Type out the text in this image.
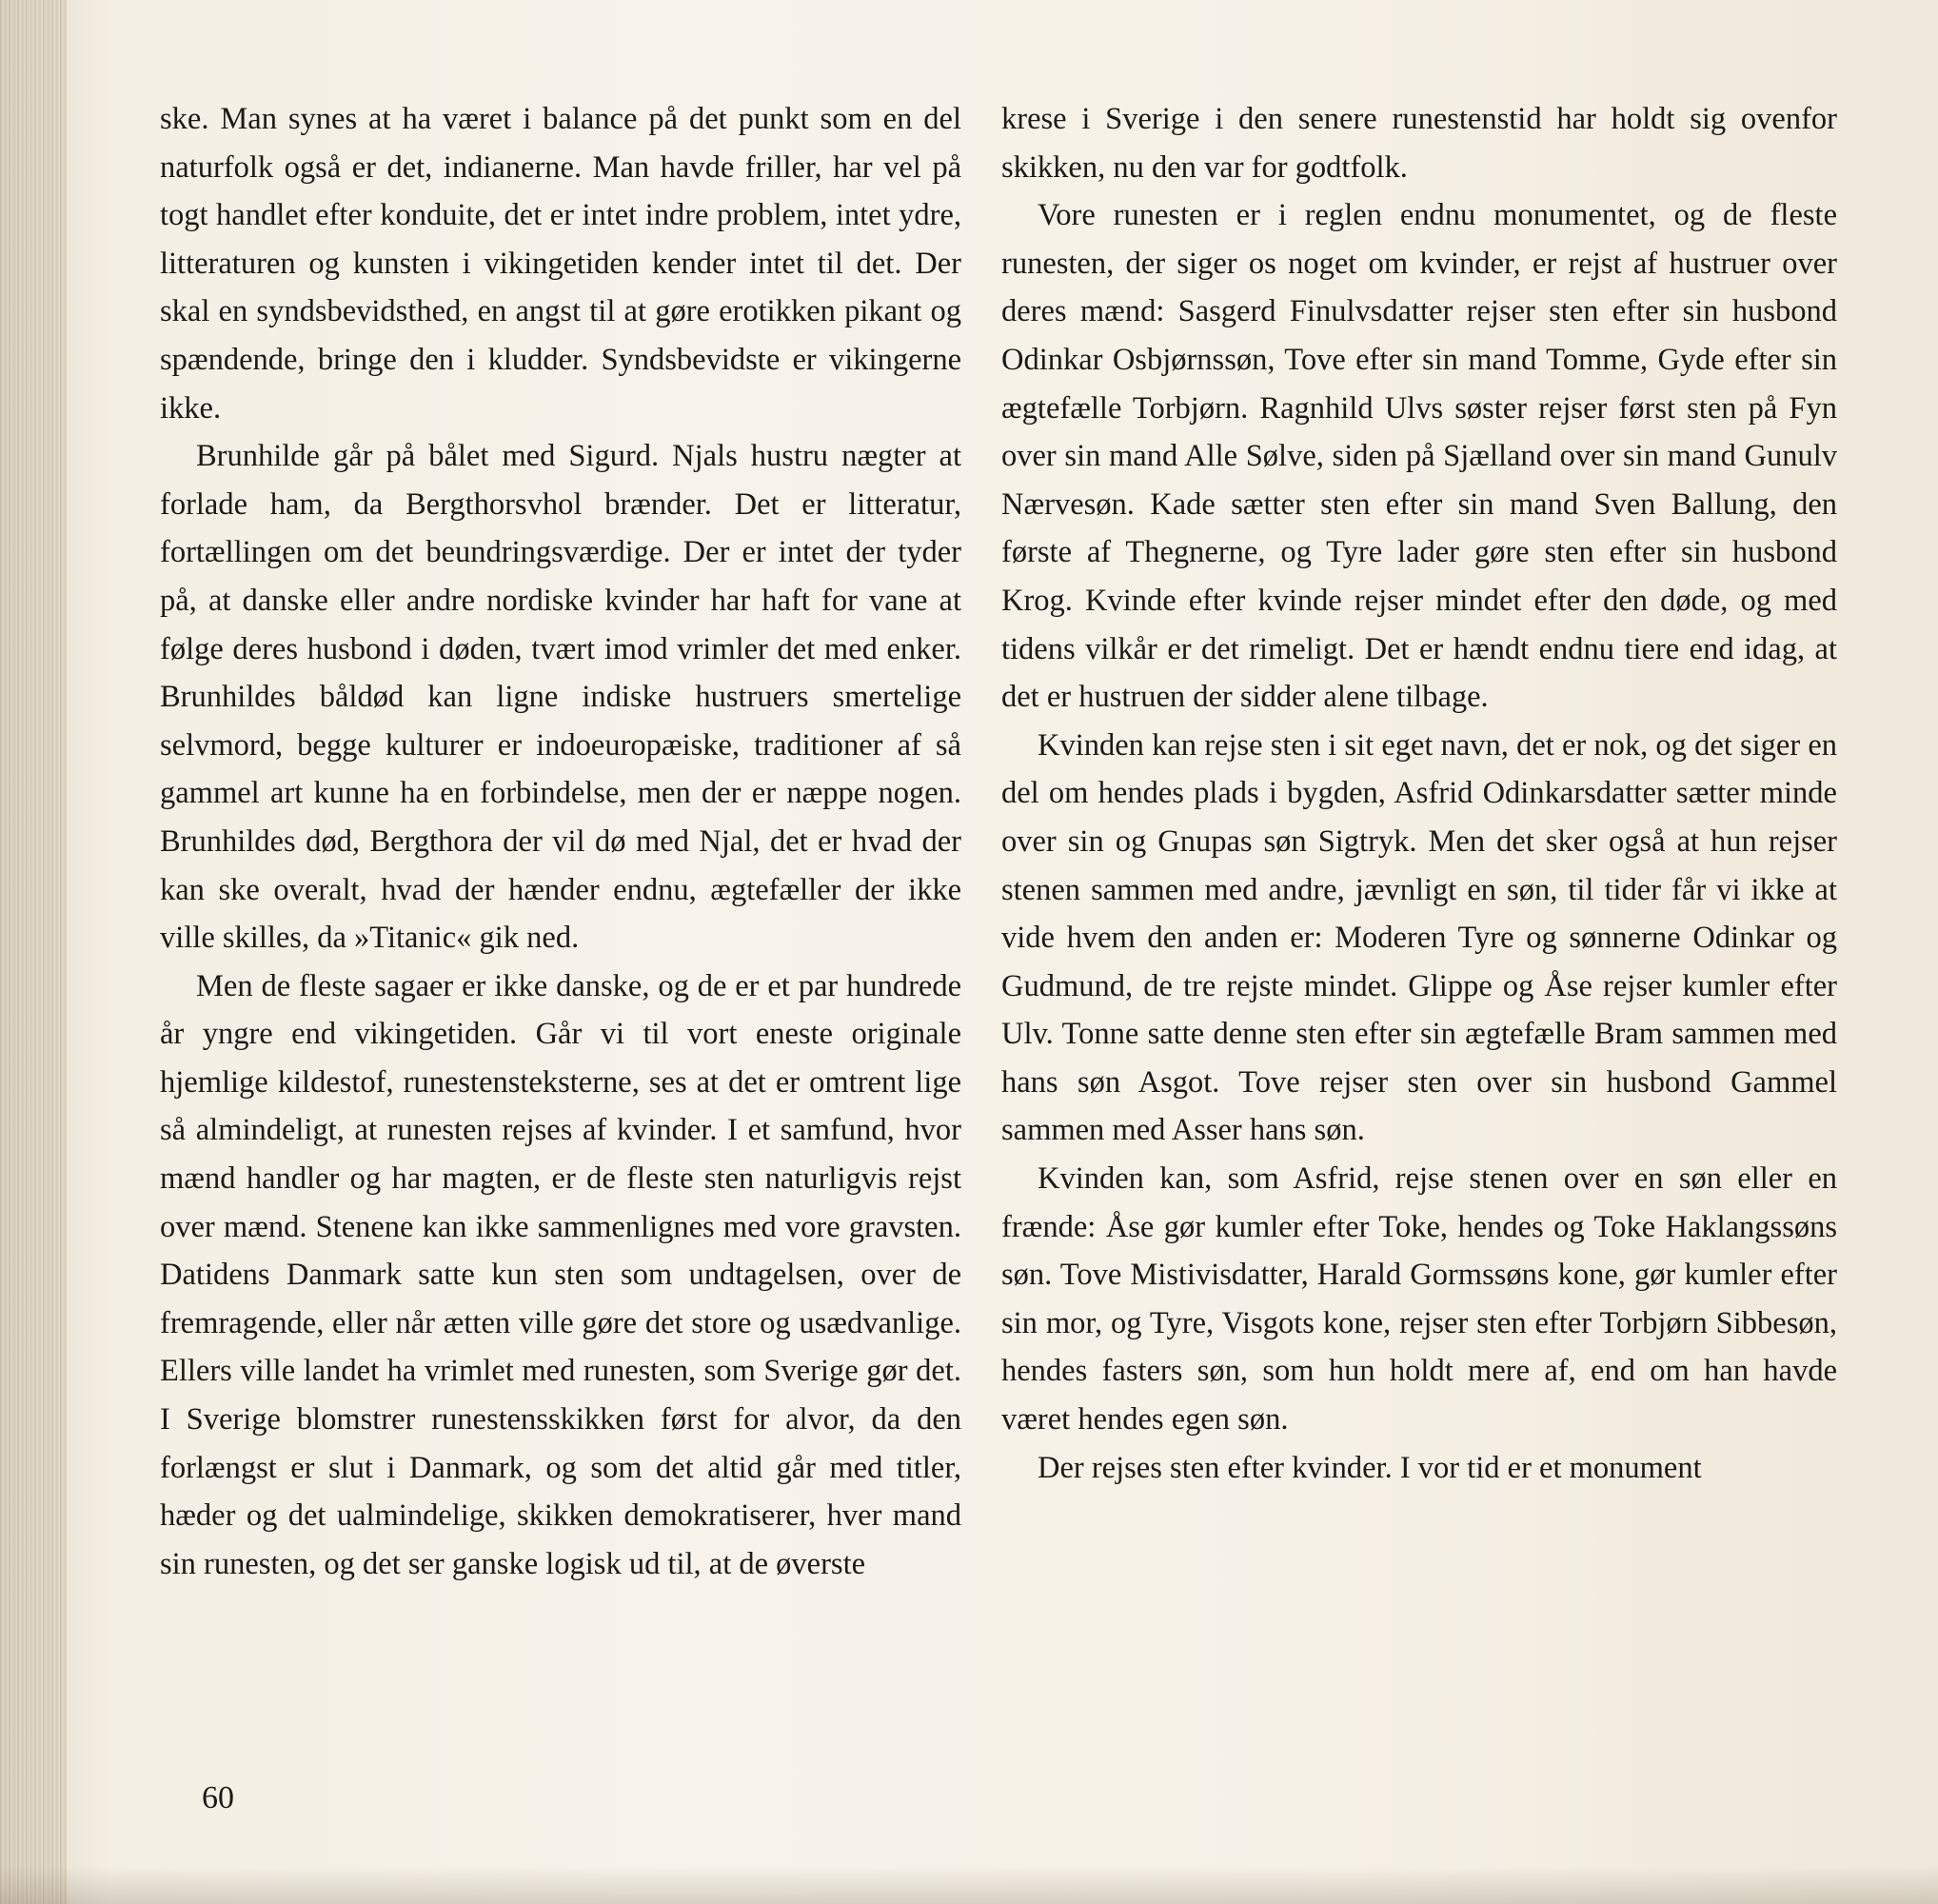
ske. Man synes at ha været i balance på det punkt som en del naturfolk også er det, indianerne. Man havde friller, har vel på togt handlet efter konduite, det er intet indre problem, intet ydre, litteraturen og kunsten i vikingetiden kender intet til det. Der skal en syndsbevidsthed, en angst til at gøre erotikken pikant og spændende, bringe den i kludder. Syndsbevidste er vikingerne ikke.

Brunhilde går på bålet med Sigurd. Njals hustru nægter at forlade ham, da Bergthorsvhol brænder. Det er litteratur, fortællingen om det beundringsværdige. Der er intet der tyder på, at danske eller andre nordiske kvinder har haft for vane at følge deres husbond i døden, tvært imod vrimler det med enker. Brunhildes båldød kan ligne indiske hustruers smertelige selvmord, begge kulturer er indoeuropæiske, traditioner af så gammel art kunne ha en forbindelse, men der er næppe nogen. Brunhildes død, Bergthora der vil dø med Njal, det er hvad der kan ske overalt, hvad der hænder endnu, ægtefæller der ikke ville skilles, da »Titanic« gik ned.

Men de fleste sagaer er ikke danske, og de er et par hundrede år yngre end vikingetiden. Går vi til vort eneste originale hjemlige kildestof, runestensteksterne, ses at det er omtrent lige så almindeligt, at runesten rejses af kvinder. I et samfund, hvor mænd handler og har magten, er de fleste sten naturligvis rejst over mænd. Stenene kan ikke sammenlignes med vore gravsten. Datidens Danmark satte kun sten som undtagelsen, over de fremragende, eller når ætten ville gøre det store og usædvanlige. Ellers ville landet ha vrimlet med runesten, som Sverige gør det. I Sverige blomstrer runestensskikken først for alvor, da den forlængst er slut i Danmark, og som det altid går med titler, hæder og det ualmindelige, skikken demokratiserer, hver mand sin runesten, og det ser ganske logisk ud til, at de øverste

krese i Sverige i den senere runestenstid har holdt sig ovenfor skikken, nu den var for godtfolk.

Vore runesten er i reglen endnu monumentet, og de fleste runesten, der siger os noget om kvinder, er rejst af hustruer over deres mænd: Sasgerd Finulvsdatter rejser sten efter sin husbond Odinkar Osbjørnssøn, Tove efter sin mand Tomme, Gyde efter sin ægtefælle Torbjørn. Ragnhild Ulvs søster rejser først sten på Fyn over sin mand Alle Sølve, siden på Sjælland over sin mand Gunulv Nærvesøn. Kade sætter sten efter sin mand Sven Ballung, den første af Thegnerne, og Tyre lader gøre sten efter sin husbond Krog. Kvinde efter kvinde rejser mindet efter den døde, og med tidens vilkår er det rimeligt. Det er hændt endnu tiere end idag, at det er hustruen der sidder alene tilbage.

Kvinden kan rejse sten i sit eget navn, det er nok, og det siger en del om hendes plads i bygden, Asfrid Odinkarsdatter sætter minde over sin og Gnupas søn Sigtryk. Men det sker også at hun rejser stenen sammen med andre, jævnligt en søn, til tider får vi ikke at vide hvem den anden er: Moderen Tyre og sønnerne Odinkar og Gudmund, de tre rejste mindet. Glippe og Åse rejser kumler efter Ulv. Tonne satte denne sten efter sin ægtefælle Bram sammen med hans søn Asgot. Tove rejser sten over sin husbond Gammel sammen med Asser hans søn.

Kvinden kan, som Asfrid, rejse stenen over en søn eller en frænde: Åse gør kumler efter Toke, hendes og Toke Haklangssøns søn. Tove Mistivisdatter, Harald Gormssøns kone, gør kumler efter sin mor, og Tyre, Visgots kone, rejser sten efter Torbjørn Sibbesøn, hendes fasters søn, som hun holdt mere af, end om han havde været hendes egen søn.

Der rejses sten efter kvinder. I vor tid er et monument

60
